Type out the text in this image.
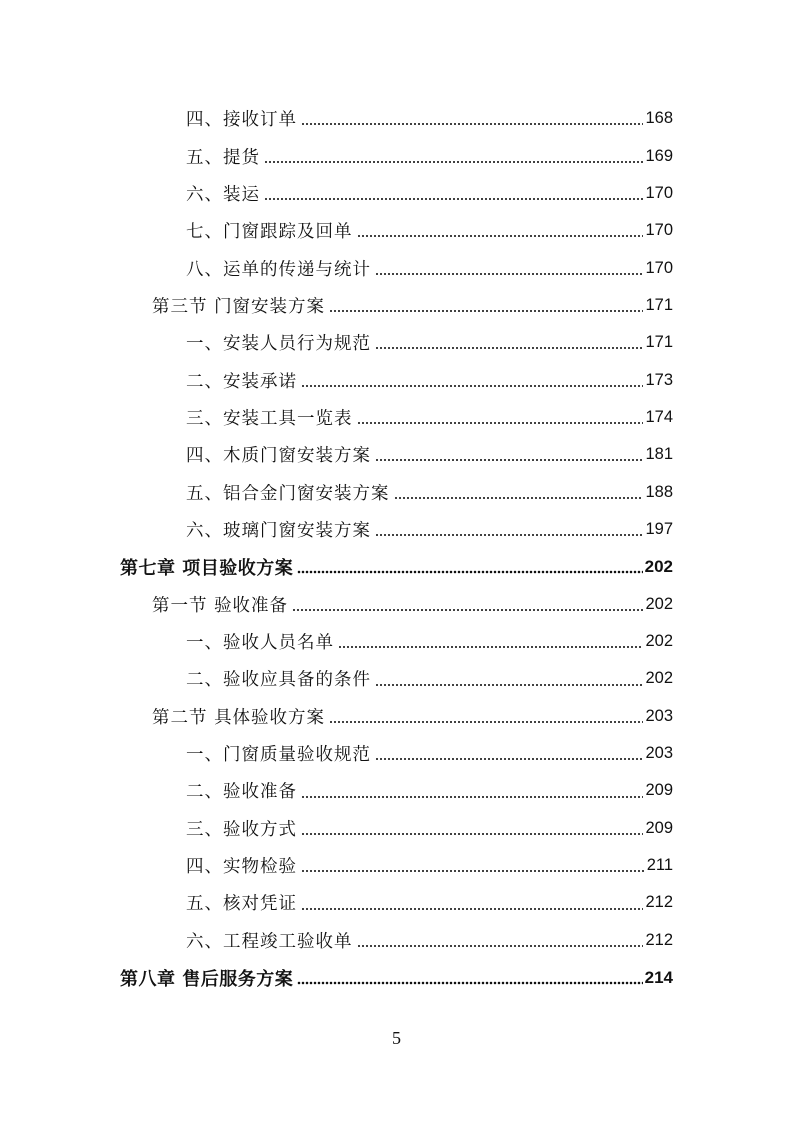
四、接收订单	168
五、提货	169
六、装运	170
七、门窗跟踪及回单	170
八、运单的传递与统计	170
第三节 门窗安装方案	171
一、安装人员行为规范	171
二、安装承诺	173
三、安装工具一览表	174
四、木质门窗安装方案	181
五、铝合金门窗安装方案	188
六、玻璃门窗安装方案	197
第七章 项目验收方案	202
第一节 验收准备	202
一、验收人员名单	202
二、验收应具备的条件	202
第二节 具体验收方案	203
一、门窗质量验收规范	203
二、验收准备	209
三、验收方式	209
四、实物检验	211
五、核对凭证	212
六、工程竣工验收单	212
第八章 售后服务方案	214
5
